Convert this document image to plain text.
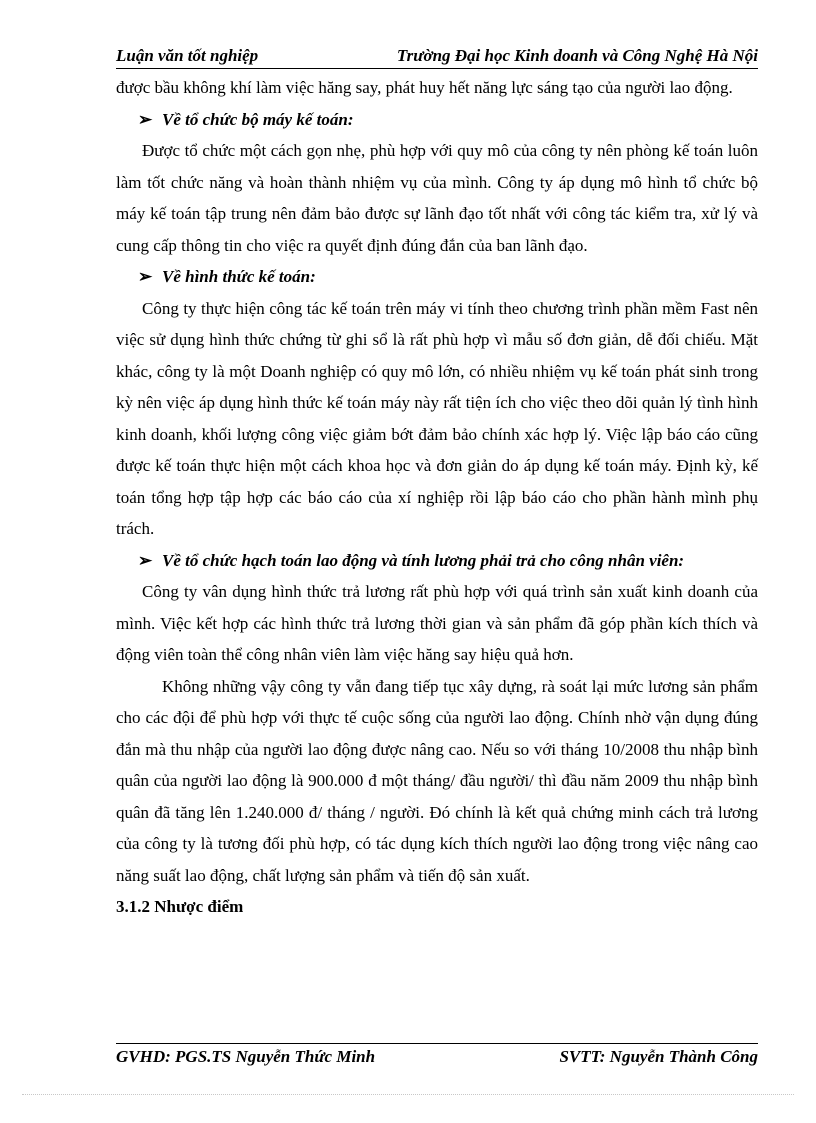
Luận văn tốt nghiệp	Trường Đại học Kinh doanh và Công Nghệ Hà Nội

được bầu không khí làm việc hăng say, phát huy hết năng lực sáng tạo của người lao động.

➢ Về tổ chức bộ máy kế toán:

Được tổ chức một cách gọn nhẹ, phù hợp với quy mô của công ty nên phòng kế toán luôn làm tốt chức năng và hoàn thành nhiệm vụ của mình. Công ty áp dụng mô hình tổ chức bộ máy kế toán tập trung nên đảm bảo được sự lãnh đạo tốt nhất với công tác kiểm tra, xử lý và cung cấp thông tin cho việc ra quyết định đúng đắn của ban lãnh đạo.

➢ Về hình thức kế toán:

Công ty thực hiện công tác kế toán trên máy vi tính theo chương trình phần mềm Fast nên việc sử dụng hình thức chứng từ ghi sổ là rất phù hợp vì mẫu số đơn giản, dễ đối chiếu. Mặt khác, công ty là một Doanh nghiệp có quy mô lớn, có nhiều nhiệm vụ kế toán phát sinh trong kỳ nên việc áp dụng hình thức kế toán máy này rất tiện ích cho việc theo dõi quản lý tình hình kinh doanh, khối lượng công việc giảm bớt đảm bảo chính xác hợp lý. Việc lập báo cáo cũng được kế toán thực hiện một cách khoa học và đơn giản do áp dụng kế toán máy. Định kỳ, kế toán tổng hợp tập hợp các báo cáo của xí nghiệp rồi lập báo cáo cho phần hành mình phụ trách.

➢ Về tổ chức hạch toán lao động và tính lương phải trả cho công nhân viên:

Công ty vân dụng hình thức trả lương rất phù hợp với quá trình sản xuất kinh doanh của mình. Việc kết hợp các hình thức trả lương thời gian và sản phẩm đã góp phần kích thích và động viên toàn thể công nhân viên làm việc hăng say hiệu quả hơn.

Không những vậy công ty vẫn đang tiếp tục xây dựng, rà soát lại mức lương sản phẩm cho các đội để phù hợp với thực tế cuộc sống của người lao động. Chính nhờ vận dụng đúng đắn mà thu nhập của người lao động được nâng cao. Nếu so với tháng 10/2008 thu nhập bình quân của người lao động là 900.000 đ một tháng/ đầu người/ thì đầu năm 2009 thu nhập bình quân đã tăng lên 1.240.000 đ/ tháng / người. Đó chính là kết quả chứng minh cách trả lương của công ty là tương đối phù hợp, có tác dụng kích thích người lao động trong việc nâng cao năng suất lao động, chất lượng sản phẩm và tiến độ sản xuất.

3.1.2 Nhược điểm

GVHD: PGS.TS Nguyễn Thức Minh	SVTT: Nguyễn Thành Công
